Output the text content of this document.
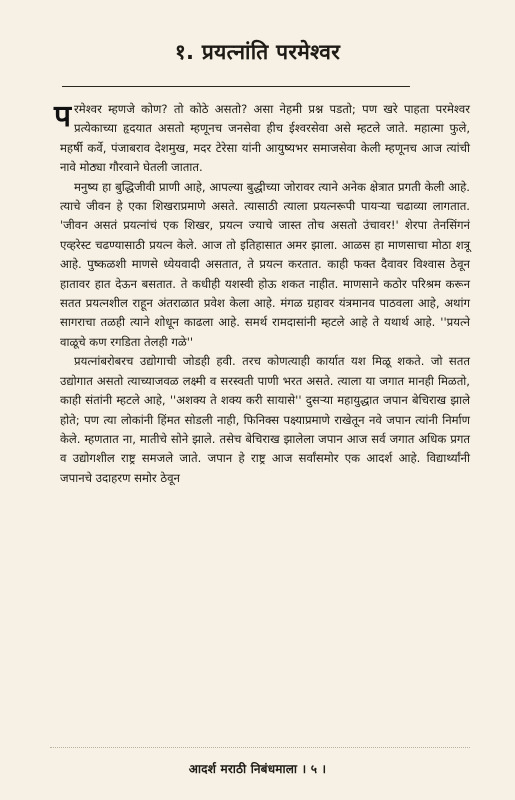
१. प्रयत्नांति परमेश्वर

परमेश्वर म्हणजे कोण? तो कोठे असतो? असा नेहमी प्रश्न पडतो; पण खरे पाहता परमेश्वर प्रत्येकाच्या हृदयात असतो म्हणूनच जनसेवा हीच ईश्वरसेवा असे म्हटले जाते. महात्मा फुले, महर्षी कर्वे, पंजाबराव देशमुख, मदर टेरेसा यांनी आयुष्यभर समाजसेवा केली म्हणूनच आज त्यांची नावे मोठ्या गौरवाने घेतली जातात.

मनुष्य हा बुद्धिजीवी प्राणी आहे, आपल्या बुद्धीच्या जोरावर त्याने अनेक क्षेत्रात प्रगती केली आहे. त्याचे जीवन हे एका शिखराप्रमाणे असते. त्यासाठी त्याला प्रयत्नरूपी पायऱ्या चढाव्या लागतात. 'जीवन असतं प्रयत्नांचं एक शिखर, प्रयत्न ज्याचे जास्त तोच असतो उंचावर!' शेरपा तेनसिंगनं एव्हरेस्ट चढण्यासाठी प्रयत्न केले. आज तो इतिहासात अमर झाला. आळस हा माणसाचा मोठा शत्रू आहे. पुष्कळशी माणसे ध्येयवादी असतात, ते प्रयत्न करतात. काही फक्त दैवावर विश्वास ठेवून हातावर हात देऊन बसतात. ते कधीही यशस्वी होऊ शकत नाहीत. माणसाने कठोर परिश्रम करून सतत प्रयत्नशील राहून अंतराळात प्रवेश केला आहे. मंगळ ग्रहावर यंत्रमानव पाठवला आहे, अथांग सागराचा तळही त्याने शोधून काढला आहे. समर्थ रामदासांनी म्हटले आहे ते यथार्थ आहे. ''प्रयत्ने वाळूचे कण रगडिता तेलही गळे''

प्रयत्नांबरोबरच उद्योगाची जोडही हवी. तरच कोणत्याही कार्यात यश मिळू शकते. जो सतत उद्योगात असतो त्याच्याजवळ लक्ष्मी व सरस्वती पाणी भरत असते. त्याला या जगात मानही मिळतो, काही संतांनी म्हटले आहे, ''अशक्य ते शक्य करी सायासे'' दुसऱ्या महायुद्धात जपान बेचिराख झाले होते; पण त्या लोकांनी हिंमत सोडली नाही, फिनिक्स पक्ष्याप्रमाणे राखेतून नवे जपान त्यांनी निर्माण केले. म्हणतात ना, मातीचे सोने झाले. तसेच बेचिराख झालेला जपान आज सर्व जगात अधिक प्रगत व उद्योगशील राष्ट्र समजले जाते. जपान हे राष्ट्र आज सर्वांसमोर एक आदर्श आहे. विद्यार्थ्यांनी जपानचे उदाहरण समोर ठेवून

आदर्श मराठी निबंधमाला । ५ ।
